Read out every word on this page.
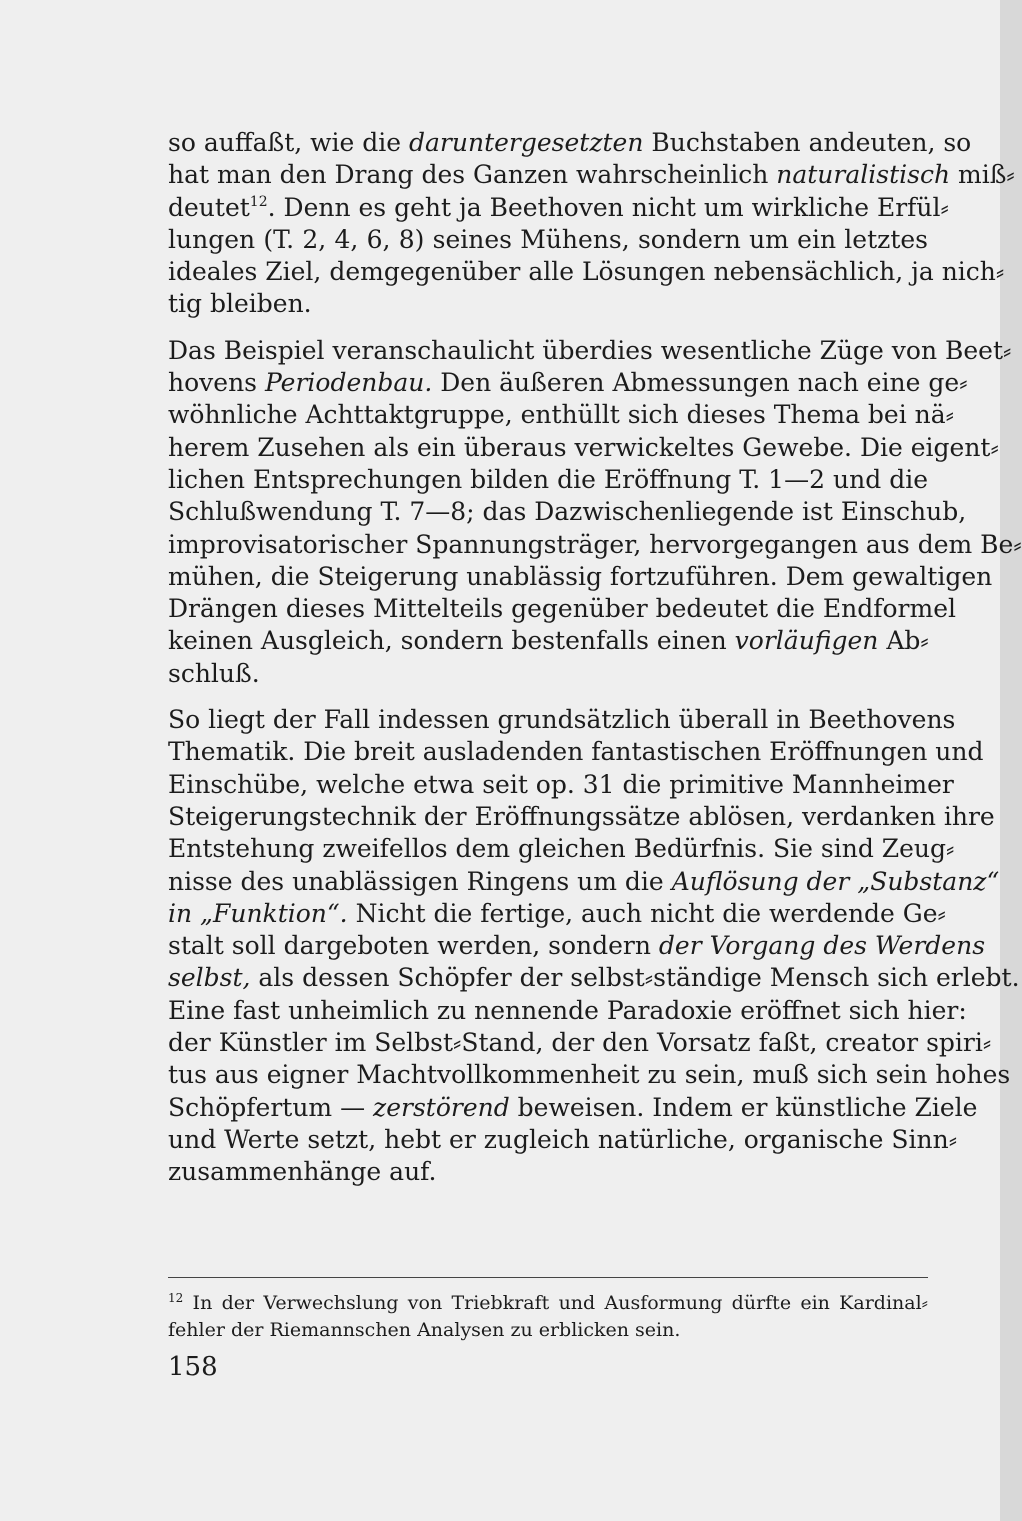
so auffaßt, wie die daruntergesetzten Buchstaben andeuten, so
hat man den Drang des Ganzen wahrscheinlich naturalistisch miß⸗
deutet$^{12}$. Denn es geht ja Beethoven nicht um wirkliche Erfül⸗
lungen (T. 2, 4, 6, 8) seines Mühens, sondern um ein letztes
ideales Ziel, demgegenüber alle Lösungen nebensächlich, ja nich⸗
tig bleiben.
Das Beispiel veranschaulicht überdies wesentliche Züge von Beet⸗
hovens Periodenbau. Den äußeren Abmessungen nach eine ge⸗
wöhnliche Achttaktgruppe, enthüllt sich dieses Thema bei nä⸗
herem Zusehen als ein überaus verwickeltes Gewebe. Die eigent⸗
lichen Entsprechungen bilden die Eröffnung T. 1—2 und die
Schlußwendung T. 7—8; das Dazwischenliegende ist Einschub,
improvisatorischer Spannungsträger, hervorgegangen aus dem Be⸗
mühen, die Steigerung unablässig fortzuführen. Dem gewaltigen
Drängen dieses Mittelteils gegenüber bedeutet die Endformel
keinen Ausgleich, sondern bestenfalls einen vorläufigen Ab⸗
schluß.
So liegt der Fall indessen grundsätzlich überall in Beethovens
Thematik. Die breit ausladenden fantastischen Eröffnungen und
Einschübe, welche etwa seit op. 31 die primitive Mannheimer
Steigerungstechnik der Eröffnungssätze ablösen, verdanken ihre
Entstehung zweifellos dem gleichen Bedürfnis. Sie sind Zeug⸗
nisse des unablässigen Ringens um die Auflösung der „Substanz“
in „Funktion“. Nicht die fertige, auch nicht die werdende Ge⸗
stalt soll dargeboten werden, sondern der Vorgang des Werdens
selbst, als dessen Schöpfer der selbst⸗ständige Mensch sich erlebt.
Eine fast unheimlich zu nennende Paradoxie eröffnet sich hier:
der Künstler im Selbst⸗Stand, der den Vorsatz faßt, creator spiri⸗
tus aus eigner Machtvollkommenheit zu sein, muß sich sein hohes
Schöpfertum — zerstörend beweisen. Indem er künstliche Ziele
und Werte setzt, hebt er zugleich natürliche, organische Sinn⸗
zusammenhänge auf.
$^{12}$ In der Verwechslung von Triebkraft und Ausformung dürfte ein Kardinal⸗
fehler der Riemannschen Analysen zu erblicken sein.
158
